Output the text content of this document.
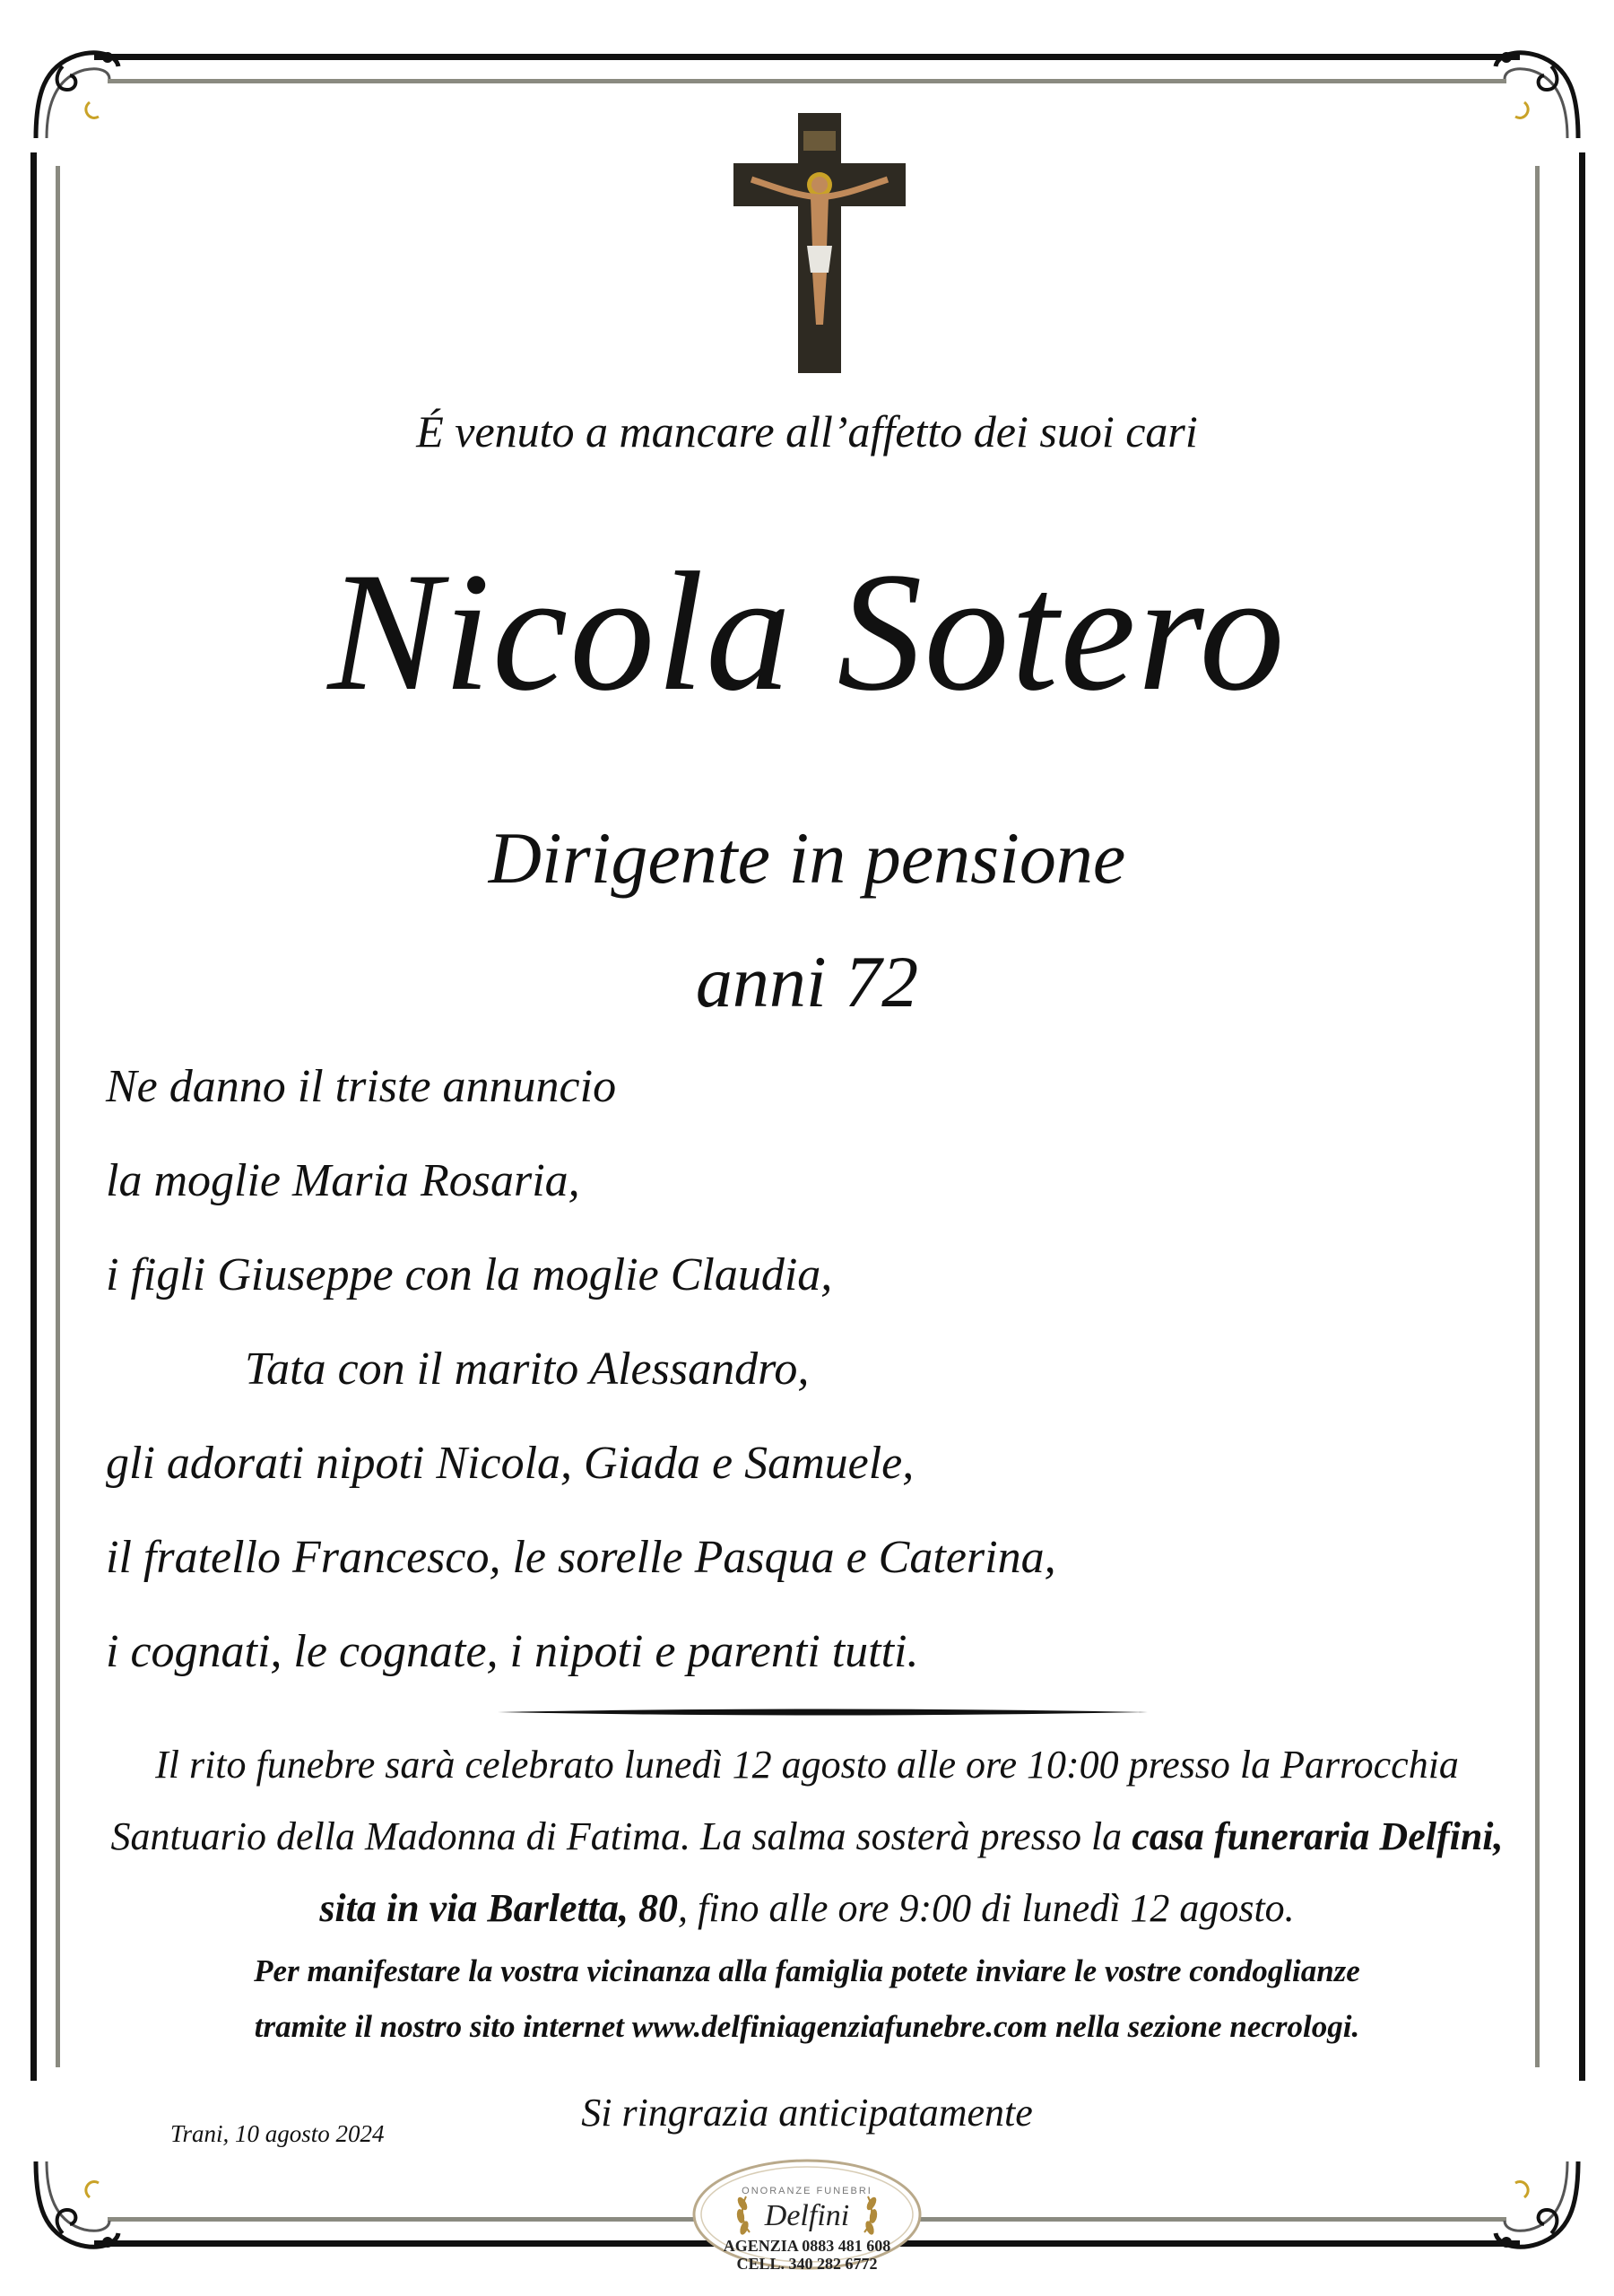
É venuto a mancare all’affetto dei suoi cari
Nicola Sotero
Dirigente in pensione
anni 72
Ne danno il triste annuncio
la moglie Maria Rosaria,
i figli Giuseppe con la moglie Claudia,
Tata con il marito Alessandro,
gli adorati nipoti Nicola, Giada e Samuele,
il fratello Francesco, le sorelle Pasqua e Caterina,
i cognati, le cognate, i nipoti e parenti tutti.
Il rito funebre sarà celebrato lunedì 12 agosto alle ore 10:00 presso la Parrocchia
Santuario della Madonna di Fatima. La salma sosterà presso la casa funeraria Delfini,
sita in via Barletta, 80, fino alle ore 9:00 di lunedì 12 agosto.
Per manifestare la vostra vicinanza alla famiglia potete inviare le vostre condoglianze
tramite il nostro sito internet www.delfiniagenziafunebre.com nella sezione necrologi.
Si ringrazia anticipatamente
Trani, 10 agosto 2024
ONORANZE FUNEBRI
Delfini
AGENZIA 0883 481 608
CELL. 340 282 6772
